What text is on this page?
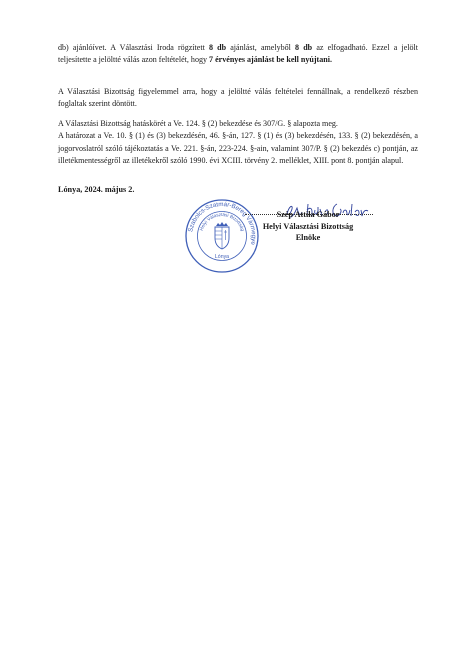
db) ajánlóívet. A Választási Iroda rögzített 8 db ajánlást, amelyből 8 db az elfogadható. Ezzel a jelölt teljesítette a jelöltté válás azon feltételét, hogy 7 érvényes ajánlást be kell nyújtani.

A Választási Bizottság figyelemmel arra, hogy a jelöltté válás feltételei fennállnak, a rendelkező részben foglaltak szerint döntött.

A Választási Bizottság hatáskörét a Ve. 124. § (2) bekezdése és 307/G. § alapozta meg.
A határozat a Ve. 10. § (1) és (3) bekezdésén, 46. §-án, 127. § (1) és (3) bekezdésén, 133. § (2) bekezdésén, a jogorvoslatról szóló tájékoztatás a Ve. 221. §-án, 223-224. §-ain, valamint 307/P. § (2) bekezdés c) pontján, az illetékmentességről az illetékekről szóló 1990. évi XCIII. törvény 2. melléklet, XIII. pont 8. pontján alapul.
Lónya, 2024. május 2.
Szabolcs-Szatmár-Bereg Vármegye
Helyi Választási Bizottság
Lónya
Szép Attila Gábor
Helyi Választási Bizottság
Elnöke
